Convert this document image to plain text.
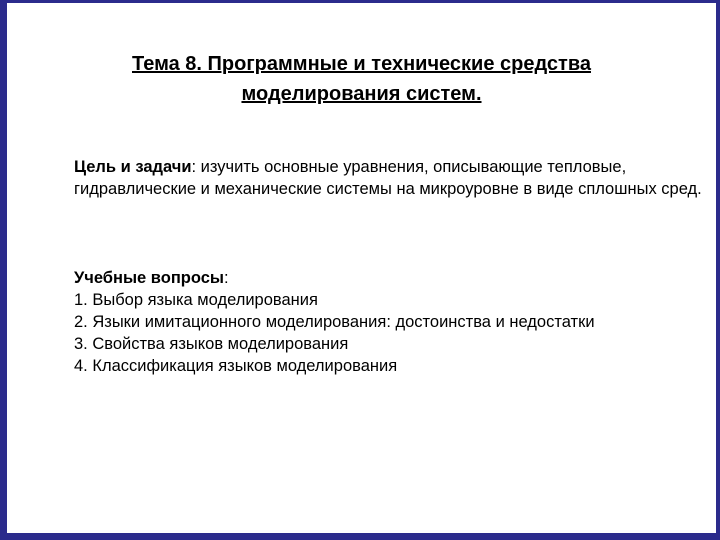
Тема 8. Программные и технические средства
моделирования систем.
Цель и задачи: изучить основные уравнения, описывающие тепловые, гидравлические и механические системы на микроуровне в виде сплошных сред.
Учебные вопросы:
1. Выбор языка моделирования
2. Языки имитационного моделирования: достоинства и недостатки
3. Свойства языков моделирования
4. Классификация языков моделирования
